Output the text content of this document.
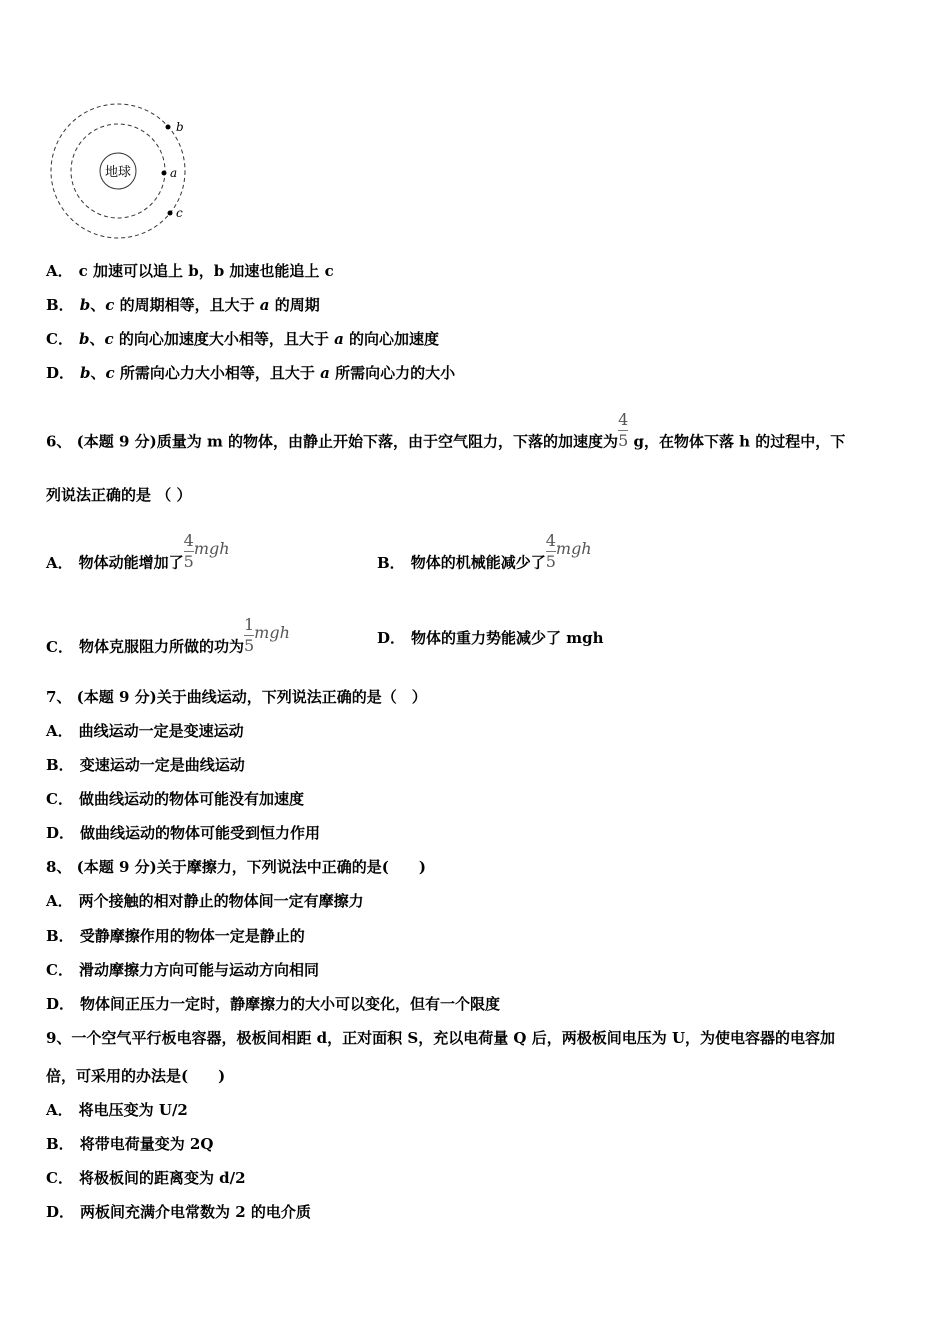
地球
b
a
c
A． c 加速可以追上 b，b 加速也能追上 c
B． b、c 的周期相等，且大于 a 的周期
C． b、c 的向心加速度大小相等，且大于 a 的向心加速度
D． b、c 所需向心力大小相等，且大于 a 所需向心力的大小
6、 (本题 9 分)质量为 m 的物体，由静止开始下落，由于空气阻力，下落的加速度为 $\frac{4}{5}$ g，在物体下落 h 的过程中，下
列说法正确的是 （ ）
A． 物体动能增加了 $\frac{4}{5}$ mgh
B． 物体的机械能减少了 $\frac{4}{5}$ mgh
C． 物体克服阻力所做的功为 $\frac{1}{5}$ mgh	D． 物体的重力势能减少了 mgh
7、 (本题 9 分)关于曲线运动，下列说法正确的是（　）
A． 曲线运动一定是变速运动
B． 变速运动一定是曲线运动
C． 做曲线运动的物体可能没有加速度
D． 做曲线运动的物体可能受到恒力作用
8、 (本题 9 分)关于摩擦力，下列说法中正确的是(　　)
A． 两个接触的相对静止的物体间一定有摩擦力
B． 受静摩擦作用的物体一定是静止的
C． 滑动摩擦力方向可能与运动方向相同
D． 物体间正压力一定时，静摩擦力的大小可以变化，但有一个限度
9、一个空气平行板电容器，极板间相距 d，正对面积 S，充以电荷量 Q 后，两极板间电压为 U，为使电容器的电容加
倍，可采用的办法是(　　)
A． 将电压变为 U/2
B． 将带电荷量变为 2Q
C． 将极板间的距离变为 d/2
D． 两板间充满介电常数为 2 的电介质
